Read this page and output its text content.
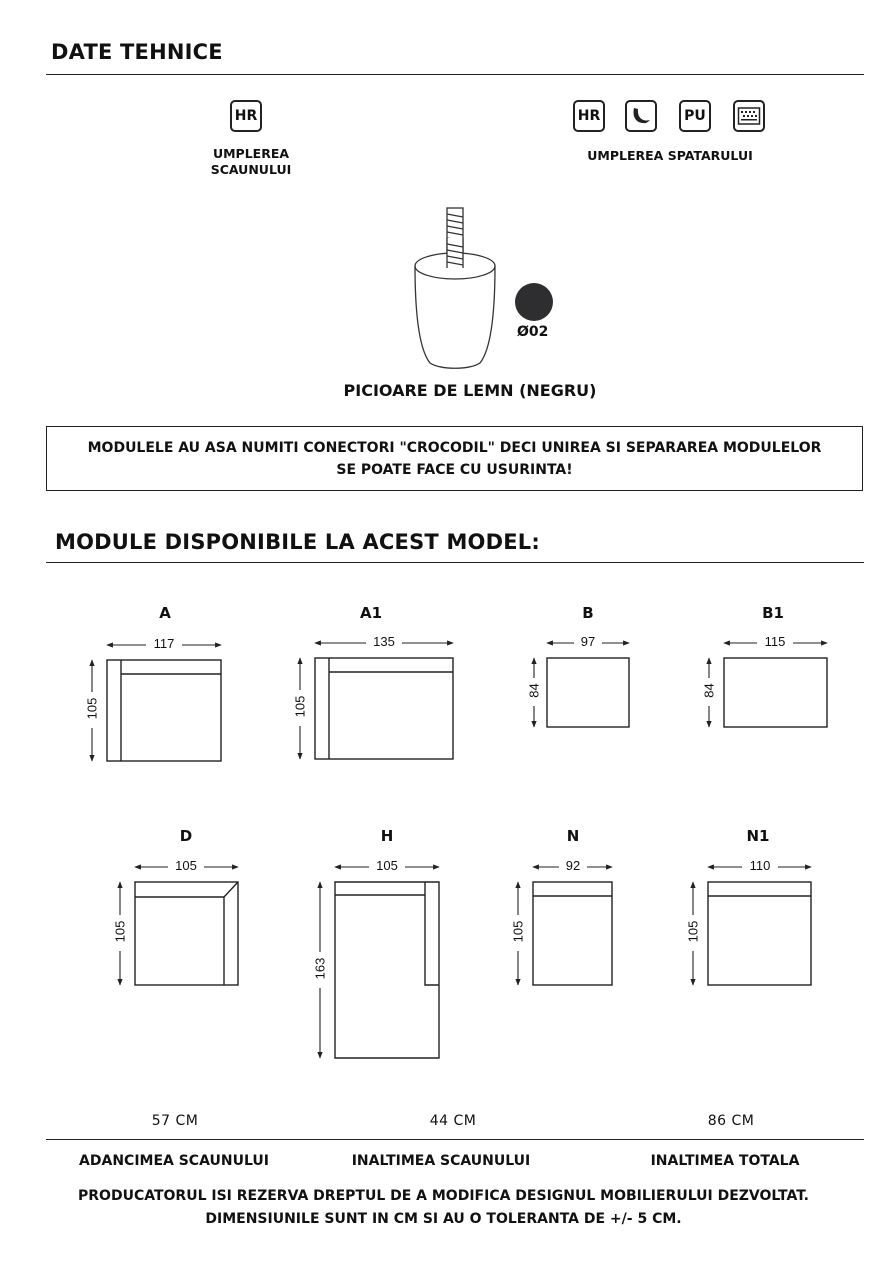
DATE TEHNICE
HR
UMPLEREA
SCAUNULUI
HR	PU
UMPLEREA SPATARULUI
Ø02
PICIOARE DE LEMN (NEGRU)
MODULELE AU ASA NUMITI CONECTORI "CROCODIL" DECI UNIREA SI SEPARAREA MODULELOR
SE POATE FACE CU USURINTA!
MODULE DISPONIBILE LA ACEST MODEL:
A	A1	B	B1
D	H	N	N1
117	135	97	115
105	105	92	110
105	105
84	84
105
163
105	105
57 CM	44 CM	86 CM
ADANCIMEA SCAUNULUI	INALTIMEA SCAUNULUI	INALTIMEA TOTALA
PRODUCATORUL ISI REZERVA DREPTUL DE A MODIFICA DESIGNUL MOBILIERULUI DEZVOLTAT.
DIMENSIUNILE SUNT IN CM SI AU O TOLERANTA DE +/- 5 CM.
